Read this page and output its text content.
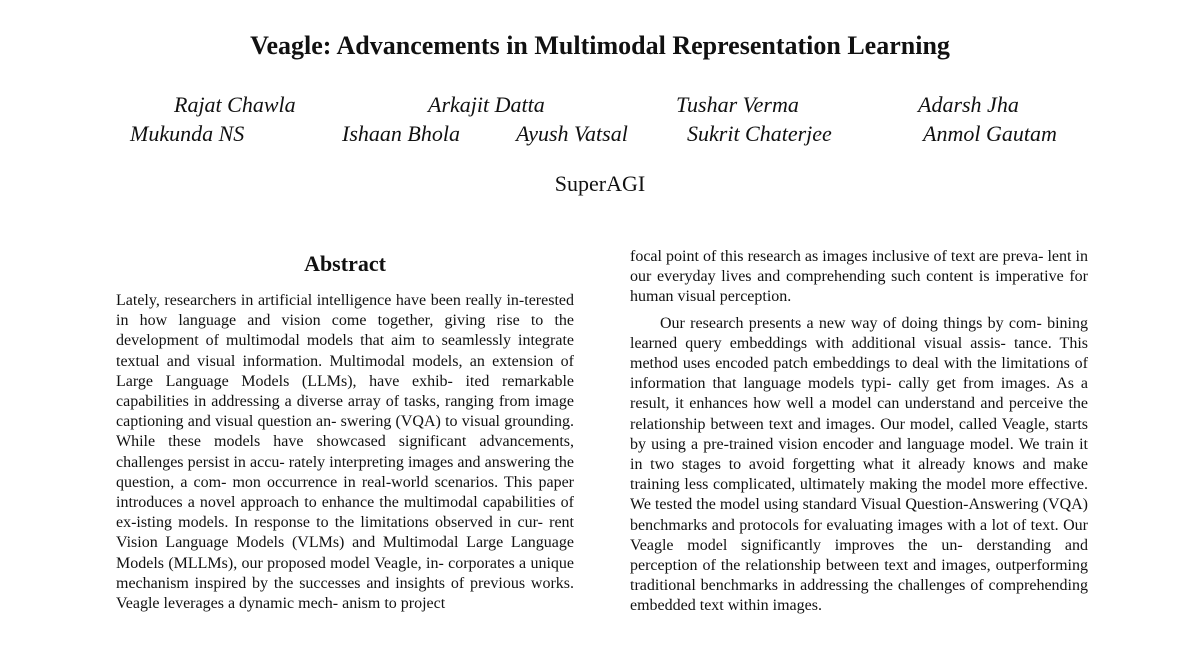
Veagle: Advancements in Multimodal Representation Learning
Rajat Chawla	Arkajit Datta	Tushar Verma	Adarsh Jha
Mukunda NS	Ishaan Bhola	Ayush Vatsal	Sukrit Chaterjee	Anmol Gautam
SuperAGI
Abstract

Lately, researchers in artificial intelligence have been really in-terested in how language and vision come together, giving rise to the development of multimodal models that aim to seamlessly integrate textual and visual information. Multimodal models, an extension of Large Language Models (LLMs), have exhib- ited remarkable capabilities in addressing a diverse array of tasks, ranging from image captioning and visual question an- swering (VQA) to visual grounding. While these models have showcased significant advancements, challenges persist in accu- rately interpreting images and answering the question, a com- mon occurrence in real-world scenarios. This paper introduces a novel approach to enhance the multimodal capabilities of ex-isting models. In response to the limitations observed in cur- rent Vision Language Models (VLMs) and Multimodal Large Language Models (MLLMs), our proposed model Veagle, in- corporates a unique mechanism inspired by the successes and insights of previous works. Veagle leverages a dynamic mech- anism to project

focal point of this research as images inclusive of text are preva- lent in our everyday lives and comprehending such content is imperative for human visual perception.

Our research presents a new way of doing things by com- bining learned query embeddings with additional visual assis- tance. This method uses encoded patch embeddings to deal with the limitations of information that language models typi- cally get from images. As a result, it enhances how well a model can understand and perceive the relationship between text and images. Our model, called Veagle, starts by using a pre-trained vision encoder and language model. We train it in two stages to avoid forgetting what it already knows and make training less complicated, ultimately making the model more effective. We tested the model using standard Visual Question-Answering (VQA) benchmarks and protocols for evaluating images with a lot of text. Our Veagle model significantly improves the un- derstanding and perception of the relationship between text and images, outperforming traditional benchmarks in addressing the challenges of comprehending embedded text within images.
